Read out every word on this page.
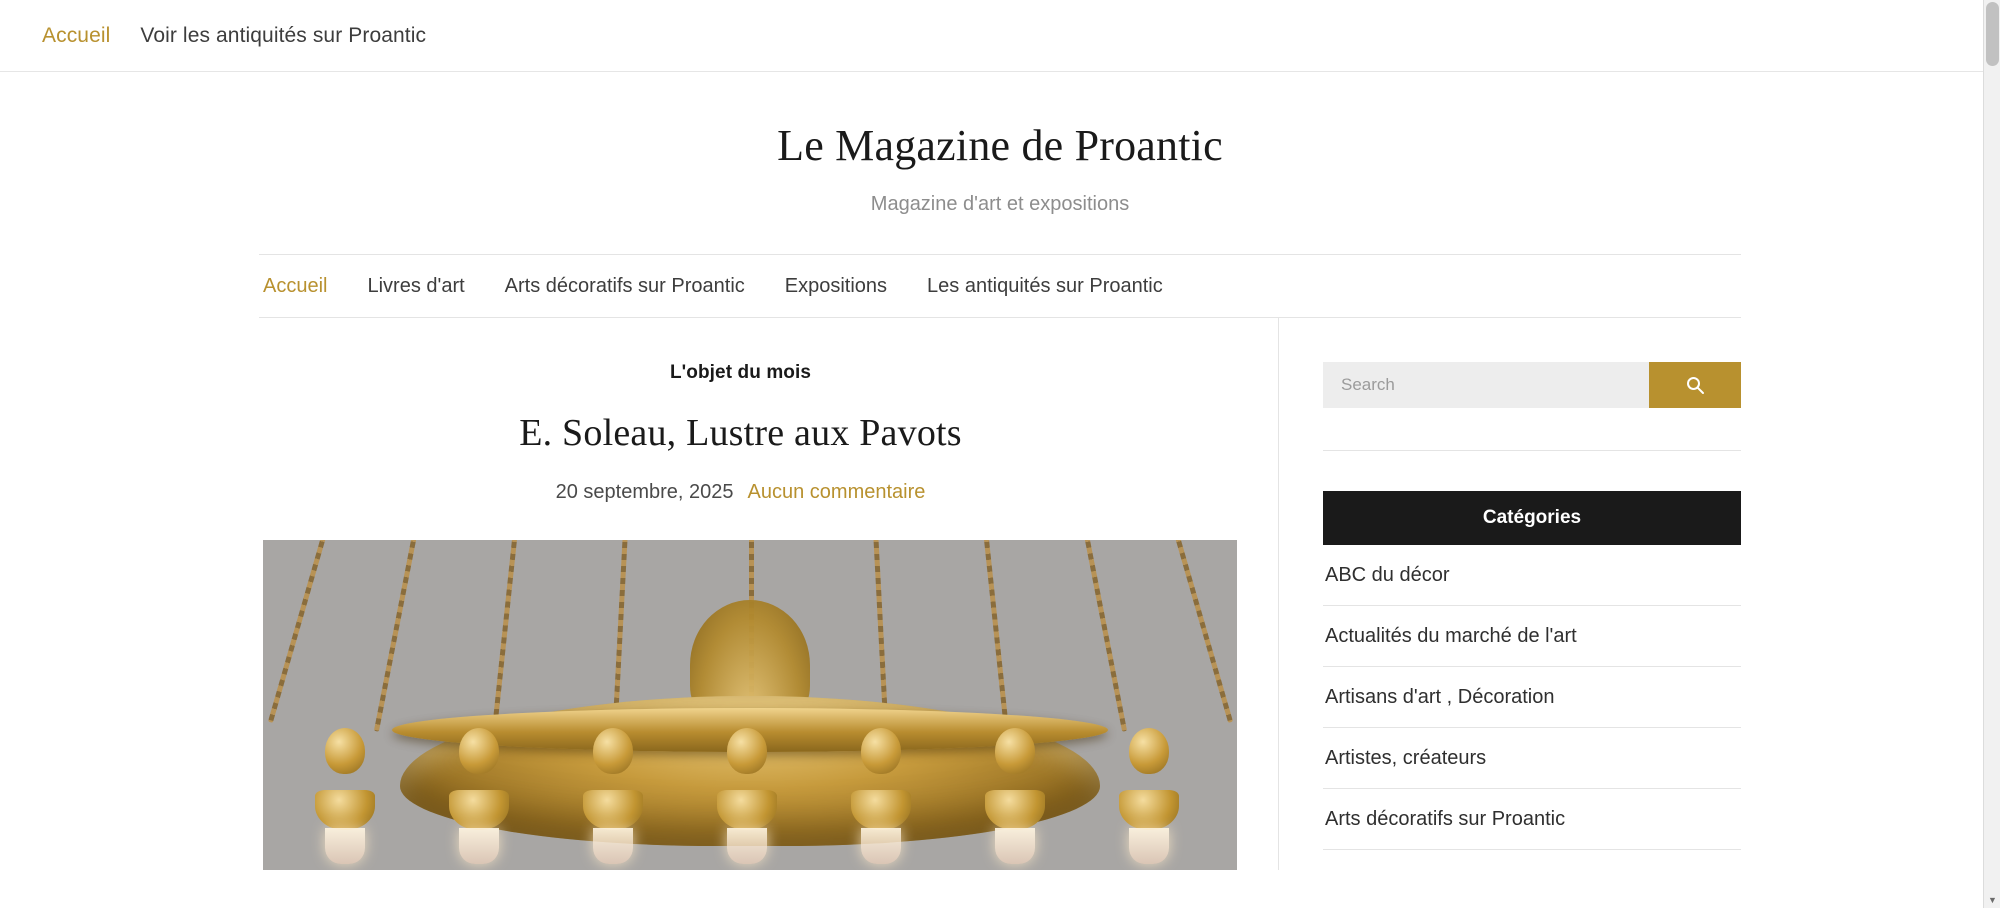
Accueil Voir les antiquités sur Proantic
Le Magazine de Proantic

Magazine d'art et expositions

Accueil Livres d'art Arts décoratifs sur Proantic Expositions Les antiquités sur Proantic
L'objet du mois
E. Soleau, Lustre aux Pavots
20 septembre, 2025 Aucun commentaire
Search
Catégories
ABC du décor
Actualités du marché de l'art
Artisans d'art , Décoration
Artistes, créateurs
Arts décoratifs sur Proantic
▼
